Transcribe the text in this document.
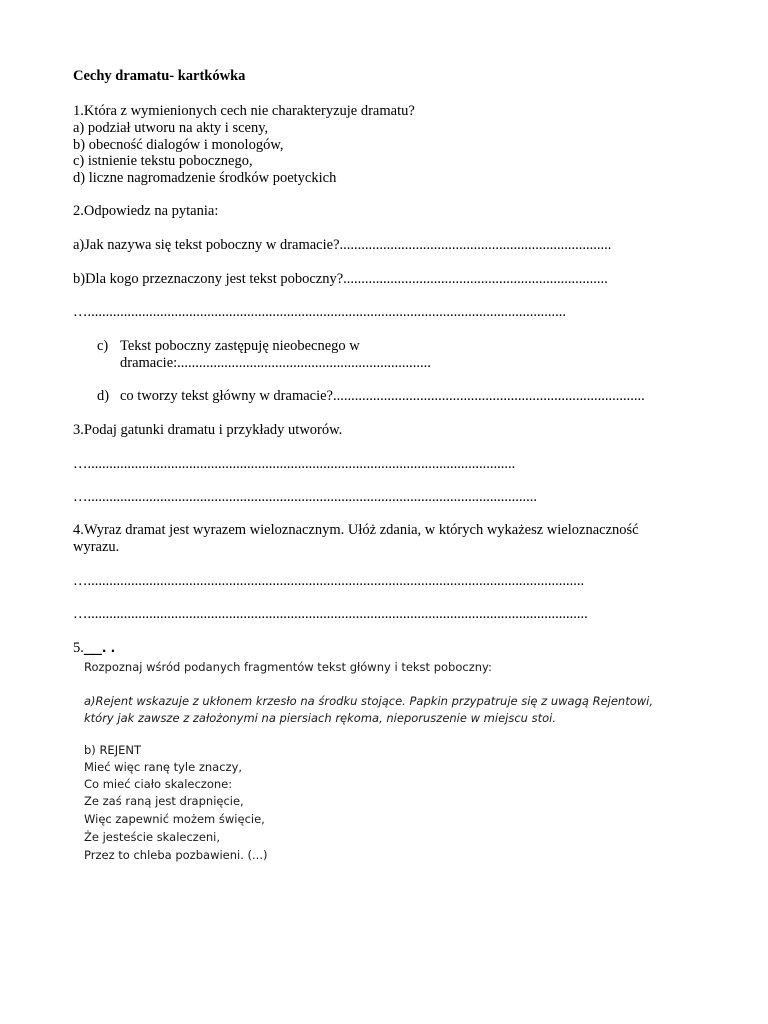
Cechy dramatu- kartkówka
1.Która z wymienionych cech nie charakteryzuje dramatu?
a) podział utworu na akty i sceny,
b) obecność dialogów i monologów,
c) istnienie tekstu pobocznego,
d) liczne nagromadzenie środków poetyckich
2.Odpowiedz na pytania:
a)Jak nazywa się tekst poboczny w dramacie?...........................................................................
b)Dla kogo przeznaczony jest tekst poboczny?.........................................................................
…....................................................................................................................................
c) Tekst poboczny zastępuję nieobecnego w
dramacie:......................................................................
d) co tworzy tekst główny w dramacie?......................................................................................
3.Podaj gatunki dramatu i przykłady utworów.
…......................................................................................................................
…............................................................................................................................
4.Wyraz dramat jest wyrazem wieloznacznym. Ułóż zdania, w których wykażesz wieloznaczność
wyrazu.
….........................................................................................................................................
…..........................................................................................................................................
5.___. .
Rozpoznaj wśród podanych fragmentów tekst główny i tekst poboczny:
a)Rejent wskazuje z ukłonem krzesło na środku stojące. Papkin przypatruje się z uwagą Rejentowi,
który jak zawsze z założonymi na piersiach rękoma, nieporuszenie w miejscu stoi.
b) REJENT
Mieć więc ranę tyle znaczy,
Co mieć ciało skaleczone:
Ze zaś raną jest drapnięcie,
Więc zapewnić możem święcie,
Że jesteście skaleczeni,
Przez to chleba pozbawieni. (...)
